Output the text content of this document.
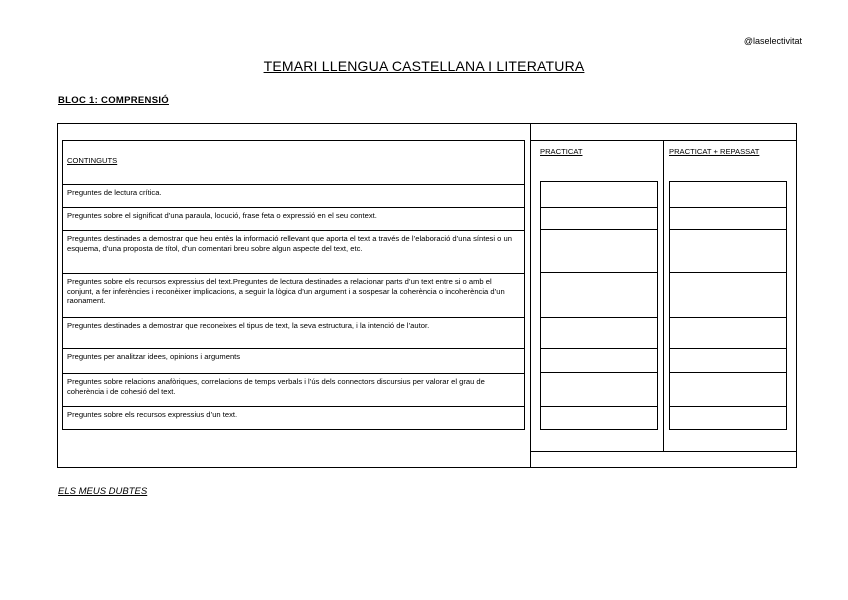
@laselectivitat
TEMARI LLENGUA CASTELLANA I LITERATURA
BLOC 1: COMPRENSIÓ
CONTINGUTS
PRACTICAT	PRACTICAT + REPASSAT
Preguntes de lectura crítica.
Preguntes sobre el significat d’una paraula, locució, frase feta o expressió en el seu context.
Preguntes destinades a demostrar que heu entès la informació rellevant que aporta el text a través de l’elaboració d’una síntesi o un esquema, d’una proposta de títol, d’un comentari breu sobre algun aspecte del text, etc.
Preguntes sobre els recursos expressius del text.Preguntes de lectura destinades a relacionar parts d’un text entre si o amb el conjunt, a fer inferències i reconèixer implicacions, a seguir la lògica d’un argument i a sospesar la coherència o incoherència d’un raonament.
Preguntes destinades a demostrar que reconeixes el tipus de text, la seva estructura, i la intenció de l’autor.
Preguntes per analitzar idees, opinions i arguments
Preguntes sobre relacions anafòriques, correlacions de temps verbals i l’ús dels connectors discursius per valorar el grau de coherència i de cohesió del text.
Preguntes sobre els recursos expressius d’un text.
ELS MEUS DUBTES
